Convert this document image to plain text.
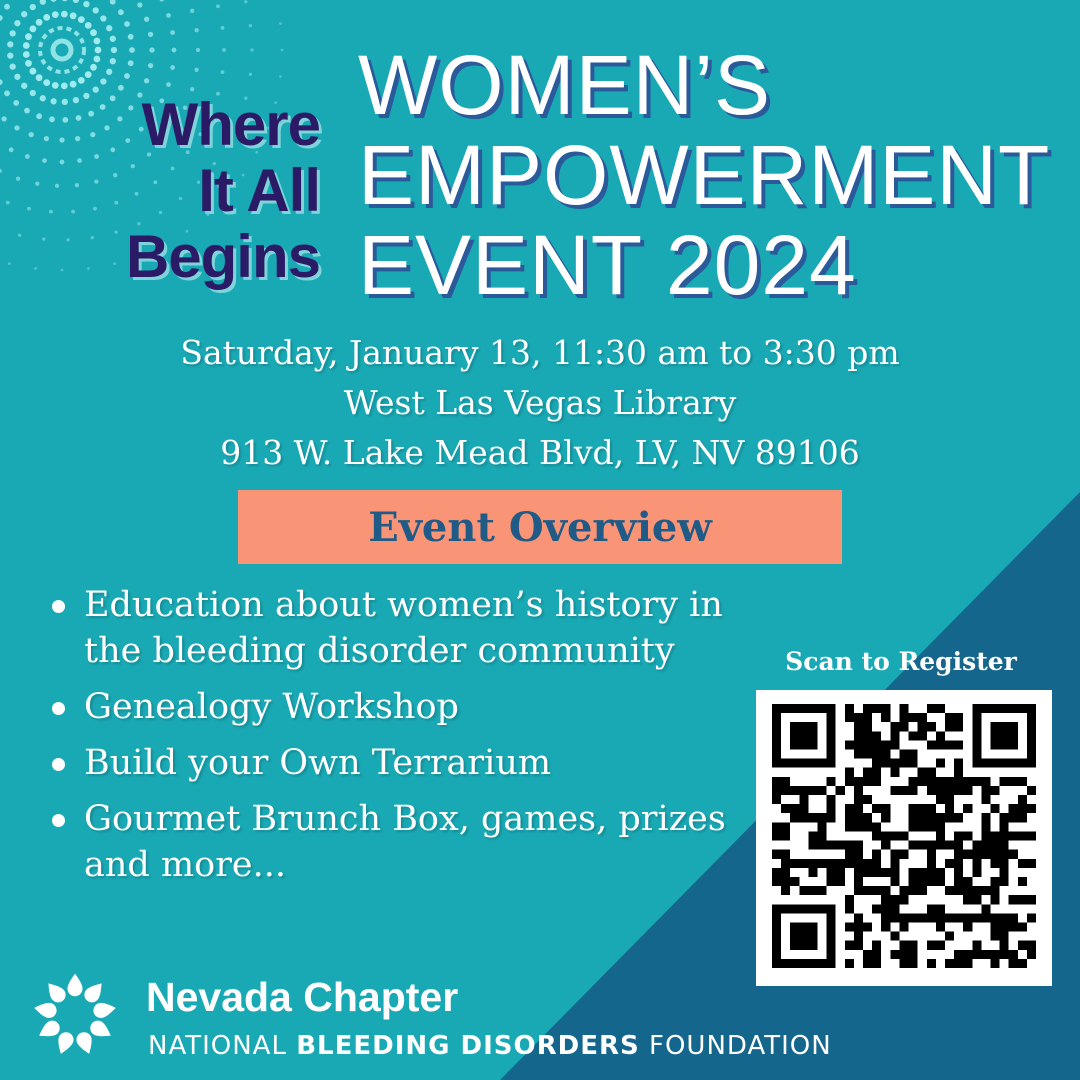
Where
It All
Begins
WOMEN’S
EMPOWERMENT
EVENT 2024
Saturday, January 13, 11:30 am to 3:30 pm
West Las Vegas Library
913 W. Lake Mead Blvd, LV, NV 89106
Event Overview
Education about women’s history in the bleeding disorder community
Genealogy Workshop
Build your Own Terrarium
Gourmet Brunch Box, games, prizes and more...
Scan to Register
Nevada Chapter
NATIONAL BLEEDING DISORDERS FOUNDATION
